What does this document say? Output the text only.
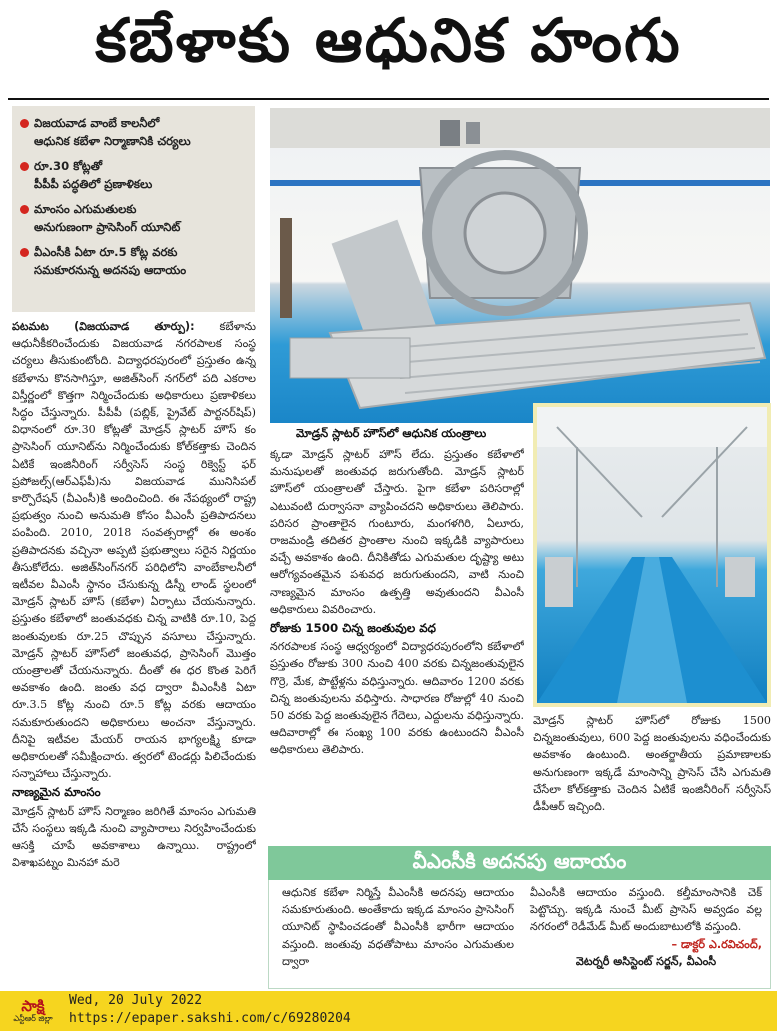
కబేళాకు ఆధునిక హంగు
విజయవాడ వాంబే కాలనీలో
ఆధునిక కబేళా నిర్మాణానికి చర్యలు
రూ.30 కోట్లతో
పీపీపీ పద్ధతిలో ప్రణాళికలు
మాంసం ఎగుమతులకు
అనుగుణంగా ప్రాసెసింగ్ యూనిట్
వీఎంసీకి ఏటా రూ.5 కోట్ల వరకు
సమకూరనున్న అదనపు ఆదాయం

పటమట (విజయవాడ తూర్పు): కబేళాను ఆధునీకీకరించేందుకు విజయవాడ నగరపాలక సంస్థ చర్యలు తీసుకుంటోంది. విద్యాధరపురంలో ప్రస్తుతం ఉన్న కబేళాను కొనసాగిస్తూ, అజిత్‌సింగ్ నగర్‌లో పది ఎకరాల విస్తీర్ణంలో కొత్తగా నిర్మించేందుకు అధికారులు ప్రణాళికలు సిద్ధం చేస్తున్నారు. పీపీపీ (పబ్లిక్, ప్రైవేట్ పార్టనర్‌షిప్) విధానంలో రూ.30 కోట్లతో మోడ్రన్ స్లాటర్ హౌస్ కం ప్రాసెసింగ్ యూనిట్‌ను నిర్మించేందుకు కోల్‌కత్తాకు చెందిన ఏటికే ఇంజినీరింగ్ సర్వీసెస్ సంస్థ రిక్వెస్ట్ ఫర్ ప్రపోజల్స్(ఆర్ఎఫ్‌పీ)ను విజయవాడ మునిసిపల్ కార్పొరేషన్ (వీఎంసీ)కి అందించింది. ఈ నేపథ్యంలో రాష్ట్ర ప్రభుత్వం నుంచి అనుమతి కోసం వీఎంసీ ప్రతిపాదనలు పంపింది. 2010, 2018 సంవత్సరాల్లో ఈ అంశం ప్రతిపాదనకు వచ్చినా అప్పటి ప్రభుత్వాలు సరైన నిర్ణయం తీసుకోలేదు. అజిత్‌సింగ్‌నగర్ పరిధిలోని వాంబేకాలనీలో ఇటీవల వీఎంసీ స్థానం చేసుకున్న డిస్నీ లాండ్ స్థలంలో మోడ్రన్ స్లాటర్ హౌస్ (కబేళా) ఏర్పాటు చేయనున్నారు. ప్రస్తుతం కబేళాలో జంతువధకు చిన్న వాటికి రూ.10, పెద్ద జంతువులకు రూ.25 చొప్పున వసూలు చేస్తున్నారు. మోడ్రన్ స్లాటర్ హౌస్‌లో జంతువధ, ప్రాసెసింగ్ మొత్తం యంత్రాలతో చేయనున్నారు. దీంతో ఈ ధర కొంత పెరిగే అవకాశం ఉంది. జంతు వధ ద్వారా వీఎంసీకి ఏటా రూ.3.5 కోట్ల నుంచి రూ.5 కోట్ల వరకు ఆదాయం సమకూరుతుందని అధికారులు అంచనా వేస్తున్నారు. దీనిపై ఇటీవల మేయర్ రాయన భాగ్యలక్ష్మి కూడా అధికారులతో సమీక్షించారు. త్వరలో టెండర్లు పిలిచేందుకు సన్నాహాలు చేస్తున్నారు.

నాణ్యమైన మాంసం

మోడ్రన్ స్లాటర్ హౌస్ నిర్మాణం జరిగితే మాంసం ఎగుమతి చేసే సంస్థలు ఇక్కడి నుంచి వ్యాపారాలు నిర్వహించేందుకు ఆసక్తి చూపే అవకాశాలు ఉన్నాయి. రాష్ట్రంలో విశాఖపట్నం మినహా మరె

మోడ్రన్ స్లాటర్ హౌస్‌లో ఆధునిక యంత్రాలు

క్కడా మోడ్రన్ స్లాటర్ హౌస్ లేదు. ప్రస్తుతం కబేళాలో మనుషులతో జంతువధ జరుగుతోంది. మోడ్రన్ స్లాటర్ హౌస్‌లో యంత్రాలతో చేస్తారు. పైగా కబేళా పరిసరాల్లో ఎటువంటి దుర్వాసనా వ్యాపించదని అధికారులు తెలిపారు. పరిసర ప్రాంతాలైన గుంటూరు, మంగళగిరి, ఏలూరు, రాజమండ్రి తదితర ప్రాంతాల నుంచి ఇక్కడికి వ్యాపారులు వచ్చే అవకాశం ఉంది. దీనికితోడు ఎగుమతుల దృష్ట్యా అటు ఆరోగ్యవంతమైన పశువధ జరుగుతుందని, వాటి నుంచి నాణ్యమైన మాంసం ఉత్పత్తి అవుతుందని వీఎంసీ అధికారులు వివరించారు.

రోజుకు 1500 చిన్న జంతువుల వధ

నగరపాలక సంస్థ ఆధ్వర్యంలో విద్యాధరపురంలోని కబేళాలో ప్రస్తుతం రోజుకు 300 నుంచి 400 వరకు చిన్నజంతువులైన గొర్రె, మేక, పొట్టేళ్లను వధిస్తున్నారు. ఆదివారం 1200 వరకు చిన్న జంతువులను వధిస్తారు. సాధారణ రోజుల్లో 40 నుంచి 50 వరకు పెద్ద జంతువులైన గేదెలు, ఎద్దులను వధిస్తున్నారు. ఆదివారాల్లో ఈ సంఖ్య 100 వరకు ఉంటుందని వీఎంసీ అధికారులు తెలిపారు.

మోడ్రన్ స్లాటర్ హౌస్‌లో రోజుకు 1500 చిన్నజంతువులు, 600 పెద్ద జంతువులను వధించేందుకు అవకాశం ఉంటుంది. అంతర్జాతీయ ప్రమాణాలకు అనుగుణంగా ఇక్కడే మాంసాన్ని ప్రాసెస్ చేసి ఎగుమతి చేసేలా కోల్‌కత్తాకు చెందిన ఏటికే ఇంజినీరింగ్ సర్వీసెస్ డీపీఆర్ ఇచ్చింది.

వీఎంసీకి అదనపు ఆదాయం
ఆధునిక కబేళా నిర్మిస్తే వీఎంసీకి అదనపు ఆదాయం సమకూరుతుంది. అంతేకాదు ఇక్కడ మాంసం ప్రాసెసింగ్ యూనిట్ స్థాపించడంతో వీఎంసీకి భారీగా ఆదాయం వస్తుంది. జంతువు వధతోపాటు మాంసం ఎగుమతుల ద్వారా

వీఎంసీకి ఆదాయం వస్తుంది. కల్తీమాంసానికి చెక్ పెట్టొచ్చు. ఇక్కడి నుంచే మీట్ ప్రాసెస్ అవ్వడం వల్ల నగరంలో రెడీమేడ్ మీట్ అందుబాటులోకి వస్తుంది.

– డాక్టర్ ఎ.రవిచంద్,
వెటర్నరీ అసిస్టెంట్ సర్జన్, వీఎంసీ
సాక్షి
ఎన్టీఆర్ జిల్లా
Wed, 20 July 2022
https://epaper.sakshi.com/c/69280204
